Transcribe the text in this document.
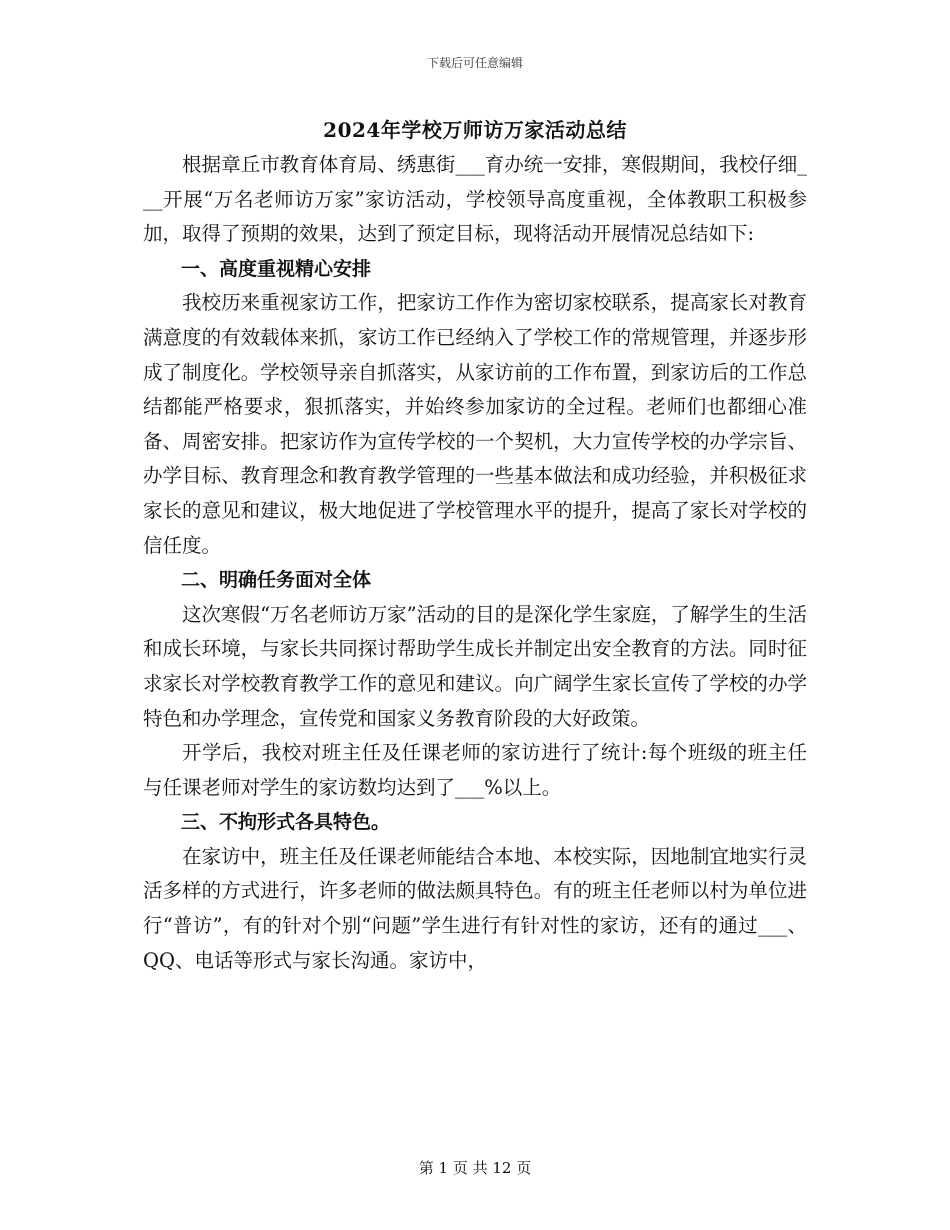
下载后可任意编辑
2024年学校万师访万家活动总结

根据章丘市教育体育局、绣惠街___育办统一安排，寒假期间，我校仔细___开展“万名老师访万家”家访活动，学校领导高度重视，全体教职工积极参加，取得了预期的效果，达到了预定目标，现将活动开展情况总结如下:

一、高度重视精心安排

我校历来重视家访工作，把家访工作作为密切家校联系，提高家长对教育满意度的有效载体来抓，家访工作已经纳入了学校工作的常规管理，并逐步形成了制度化。学校领导亲自抓落实，从家访前的工作布置，到家访后的工作总结都能严格要求，狠抓落实，并始终参加家访的全过程。老师们也都细心准备、周密安排。把家访作为宣传学校的一个契机，大力宣传学校的办学宗旨、办学目标、教育理念和教育教学管理的一些基本做法和成功经验，并积极征求家长的意见和建议，极大地促进了学校管理水平的提升，提高了家长对学校的信任度。

二、明确任务面对全体

这次寒假“万名老师访万家”活动的目的是深化学生家庭，了解学生的生活和成长环境，与家长共同探讨帮助学生成长并制定出安全教育的方法。同时征求家长对学校教育教学工作的意见和建议。向广阔学生家长宣传了学校的办学特色和办学理念，宣传党和国家义务教育阶段的大好政策。

开学后，我校对班主任及任课老师的家访进行了统计:每个班级的班主任与任课老师对学生的家访数均达到了___%以上。

三、不拘形式各具特色。

在家访中，班主任及任课老师能结合本地、本校实际，因地制宜地实行灵活多样的方式进行，许多老师的做法颇具特色。有的班主任老师以村为单位进行“普访”，有的针对个别“问题”学生进行有针对性的家访，还有的通过___、QQ、电话等形式与家长沟通。家访中，

第 1 页 共 12 页
